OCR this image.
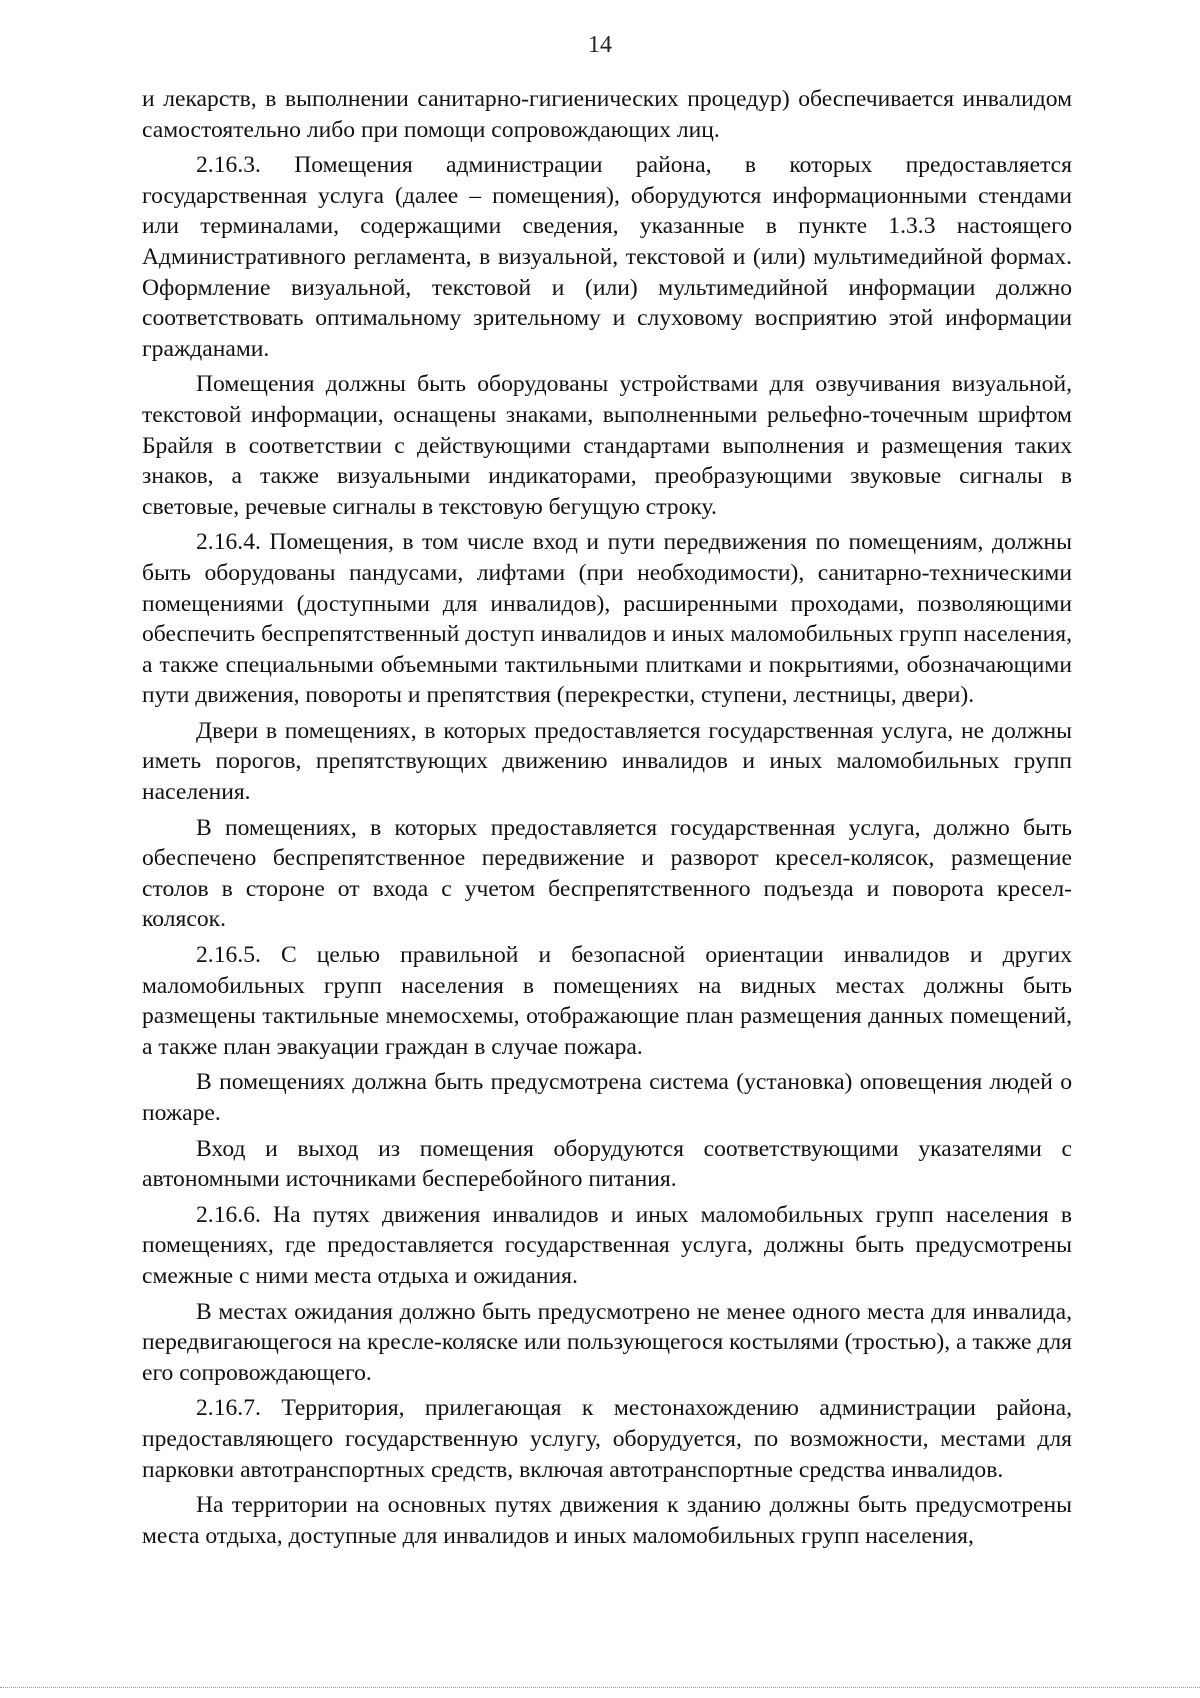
14

и лекарств, в выполнении санитарно-гигиенических процедур) обеспечивается инвалидом самостоятельно либо при помощи сопровождающих лиц.

2.16.3. Помещения администрации района, в которых предоставляется государственная услуга (далее – помещения), оборудуются информационными стендами или терминалами, содержащими сведения, указанные в пункте 1.3.3 настоящего Административного регламента, в визуальной, текстовой и (или) мультимедийной формах. Оформление визуальной, текстовой и (или) мультимедийной информации должно соответствовать оптимальному зрительному и слуховому восприятию этой информации гражданами.

Помещения должны быть оборудованы устройствами для озвучивания визуальной, текстовой информации, оснащены знаками, выполненными рельефно-точечным шрифтом Брайля в соответствии с действующими стандартами выполнения и размещения таких знаков, а также визуальными индикаторами, преобразующими звуковые сигналы в световые, речевые сигналы в текстовую бегущую строку.

2.16.4. Помещения, в том числе вход и пути передвижения по помещениям, должны быть оборудованы пандусами, лифтами (при необходимости), санитарно-техническими помещениями (доступными для инвалидов), расширенными проходами, позволяющими обеспечить беспрепятственный доступ инвалидов и иных маломобильных групп населения, а также специальными объемными тактильными плитками и покрытиями, обозначающими пути движения, повороты и препятствия (перекрестки, ступени, лестницы, двери).

Двери в помещениях, в которых предоставляется государственная услуга, не должны иметь порогов, препятствующих движению инвалидов и иных маломобильных групп населения.

В помещениях, в которых предоставляется государственная услуга, должно быть обеспечено беспрепятственное передвижение и разворот кресел-колясок, размещение столов в стороне от входа с учетом беспрепятственного подъезда и поворота кресел-колясок.

2.16.5. С целью правильной и безопасной ориентации инвалидов и других маломобильных групп населения в помещениях на видных местах должны быть размещены тактильные мнемосхемы, отображающие план размещения данных помещений, а также план эвакуации граждан в случае пожара.

В помещениях должна быть предусмотрена система (установка) оповещения людей о пожаре.

Вход и выход из помещения оборудуются соответствующими указателями с автономными источниками бесперебойного питания.

2.16.6. На путях движения инвалидов и иных маломобильных групп населения в помещениях, где предоставляется государственная услуга, должны быть предусмотрены смежные с ними места отдыха и ожидания.

В местах ожидания должно быть предусмотрено не менее одного места для инвалида, передвигающегося на кресле-коляске или пользующегося костылями (тростью), а также для его сопровождающего.

2.16.7. Территория, прилегающая к местонахождению администрации района, предоставляющего государственную услугу, оборудуется, по возможности, местами для парковки автотранспортных средств, включая автотранспортные средства инвалидов.

На территории на основных путях движения к зданию должны быть предусмотрены места отдыха, доступные для инвалидов и иных маломобильных групп населения,
